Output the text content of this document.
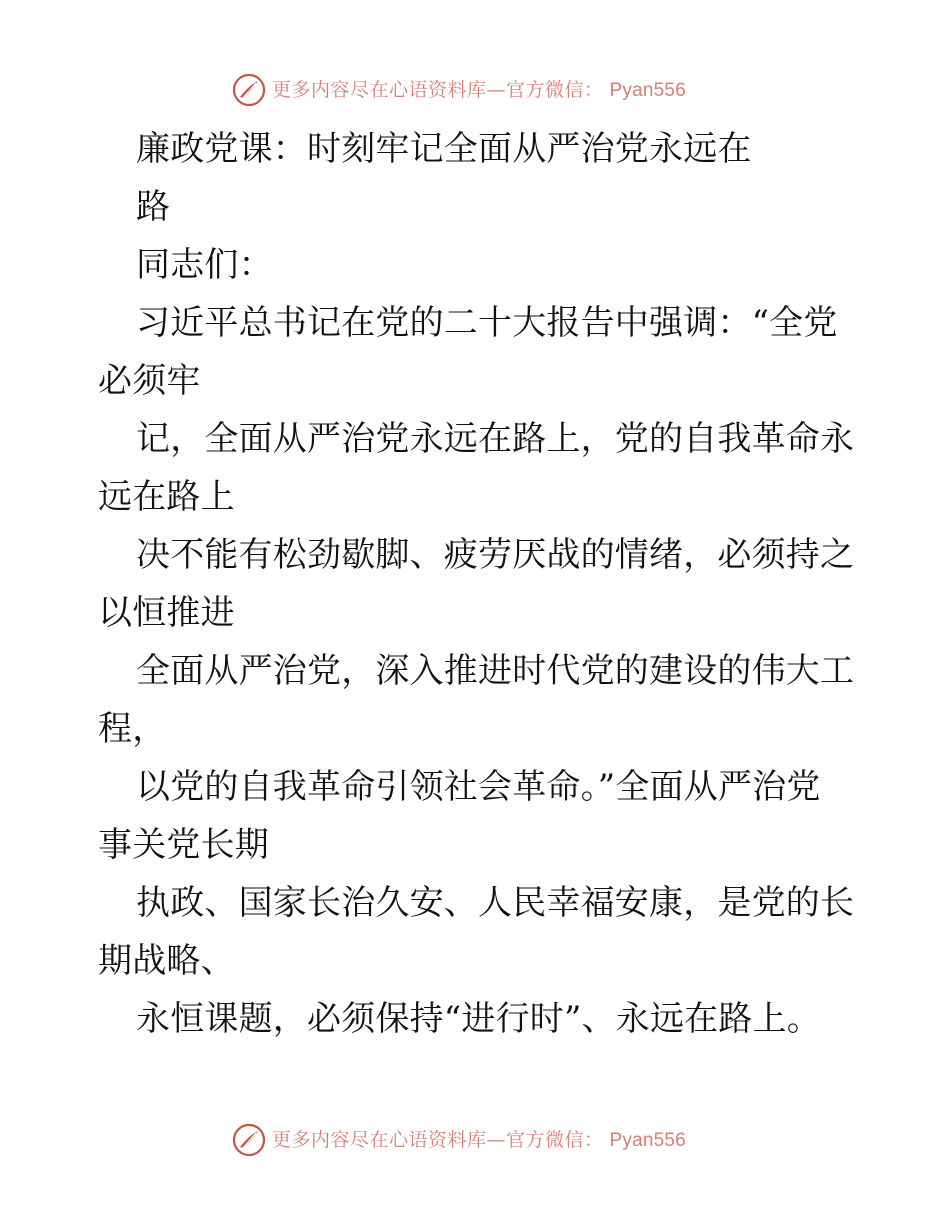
更多内容尽在心语资料库—官方微信： Pyan556
廉政党课：时刻牢记全面从严治党永远在
路
同志们：
习近平总书记在党的二十大报告中强调：“全党
必须牢
记，全面从严治党永远在路上，党的自我革命永
远在路上
决不能有松劲歇脚、疲劳厌战的情绪，必须持之
以恒推进
全面从严治党，深入推进时代党的建设的伟大工
程，
以党的自我革命引领社会革命。”全面从严治党
事关党长期
执政、国家长治久安、人民幸福安康，是党的长
期战略、
永恒课题，必须保持“进行时”、永远在路上。
更多内容尽在心语资料库—官方微信： Pyan556
